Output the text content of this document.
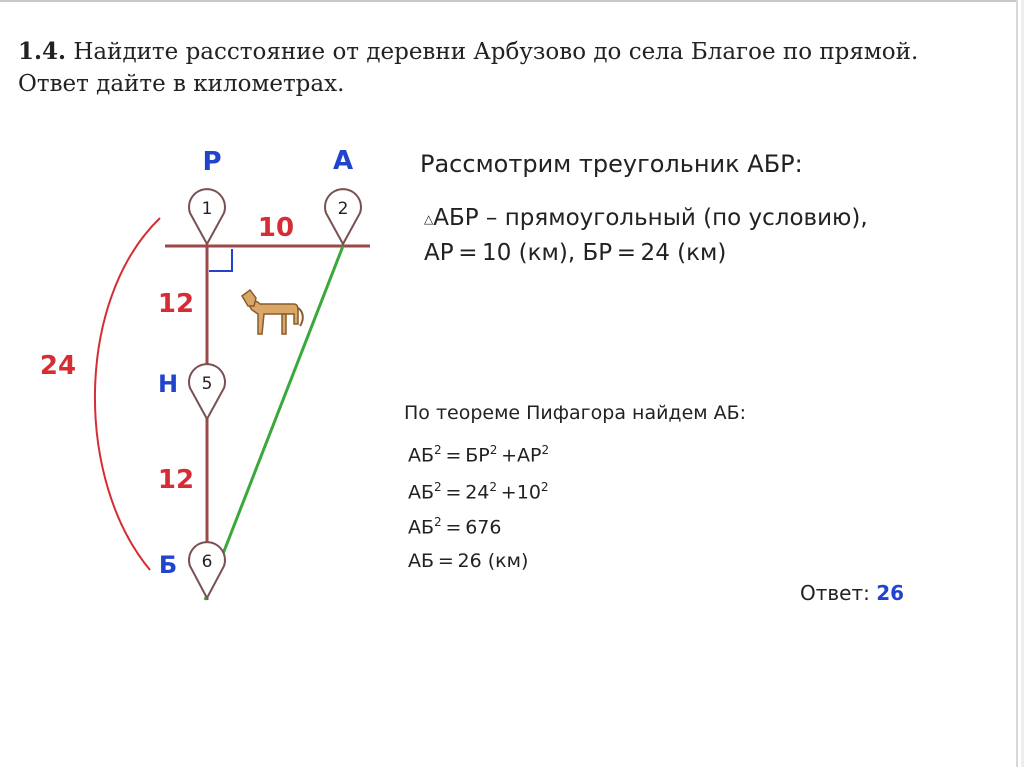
1.4. Найдите расстояние от деревни Арбузово до села Благое по прямой.
Ответ дайте в километрах.
1	2
5
6
Р	А
Н
Б
10
12
12
24
Рассмотрим треугольник АБР:
△АБР – прямоугольный (по условию),
АР = 10 (км), БР = 24 (км)
По теореме Пифагора найдем АБ:
$АБ^2 = БР^2 +АР^2$
$АБ^2 = 24^2 +10^2$
$АБ^2 = 676$
АБ = 26 (км)
Ответ: 26
